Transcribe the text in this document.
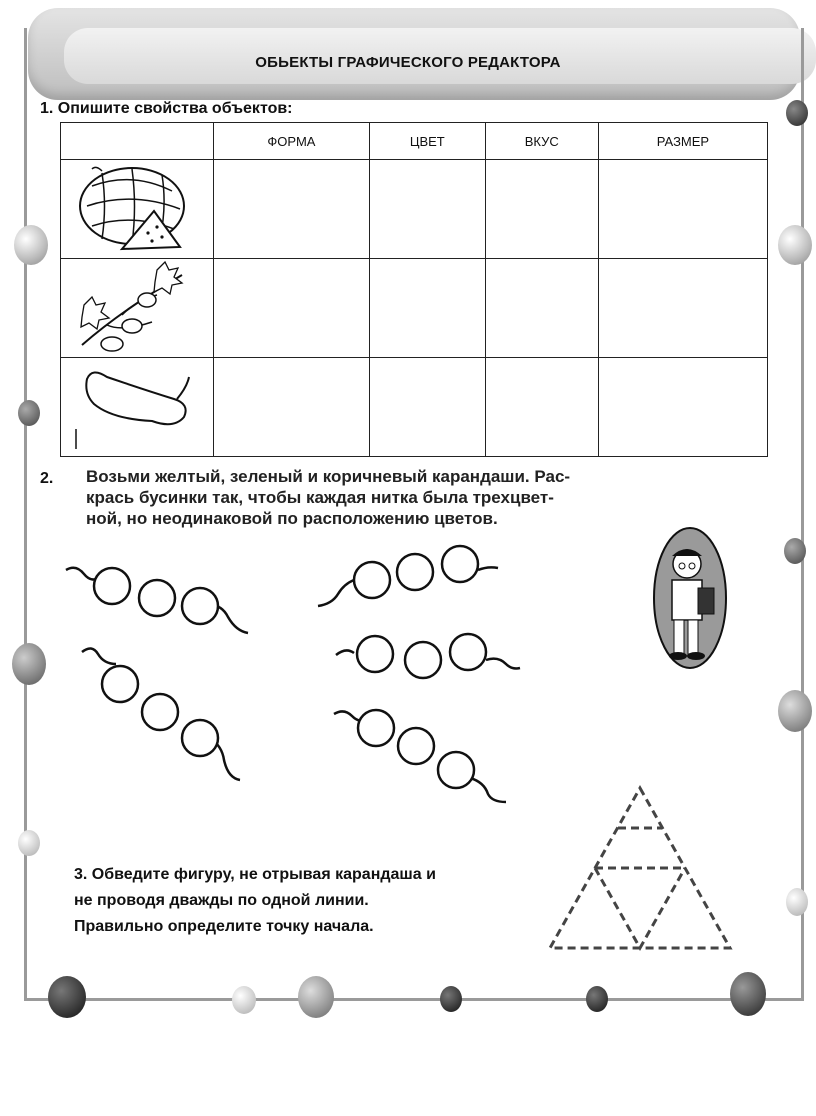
ОБЬЕКТЫ ГРАФИЧЕСКОГО РЕДАКТОРА
1. Опишите свойства объектов:
	ФОРМА	ЦВЕТ	ВКУС	РАЗМЕР

2. Возьми желтый, зеленый и коричневый карандаши. Рас-
крась бусинки так, чтобы каждая нитка была трехцвет-
ной, но неодинаковой по расположению цветов.
3. Обведите фигуру, не отрывая карандаша и
не проводя дважды по одной линии.
Правильно определите точку начала.
